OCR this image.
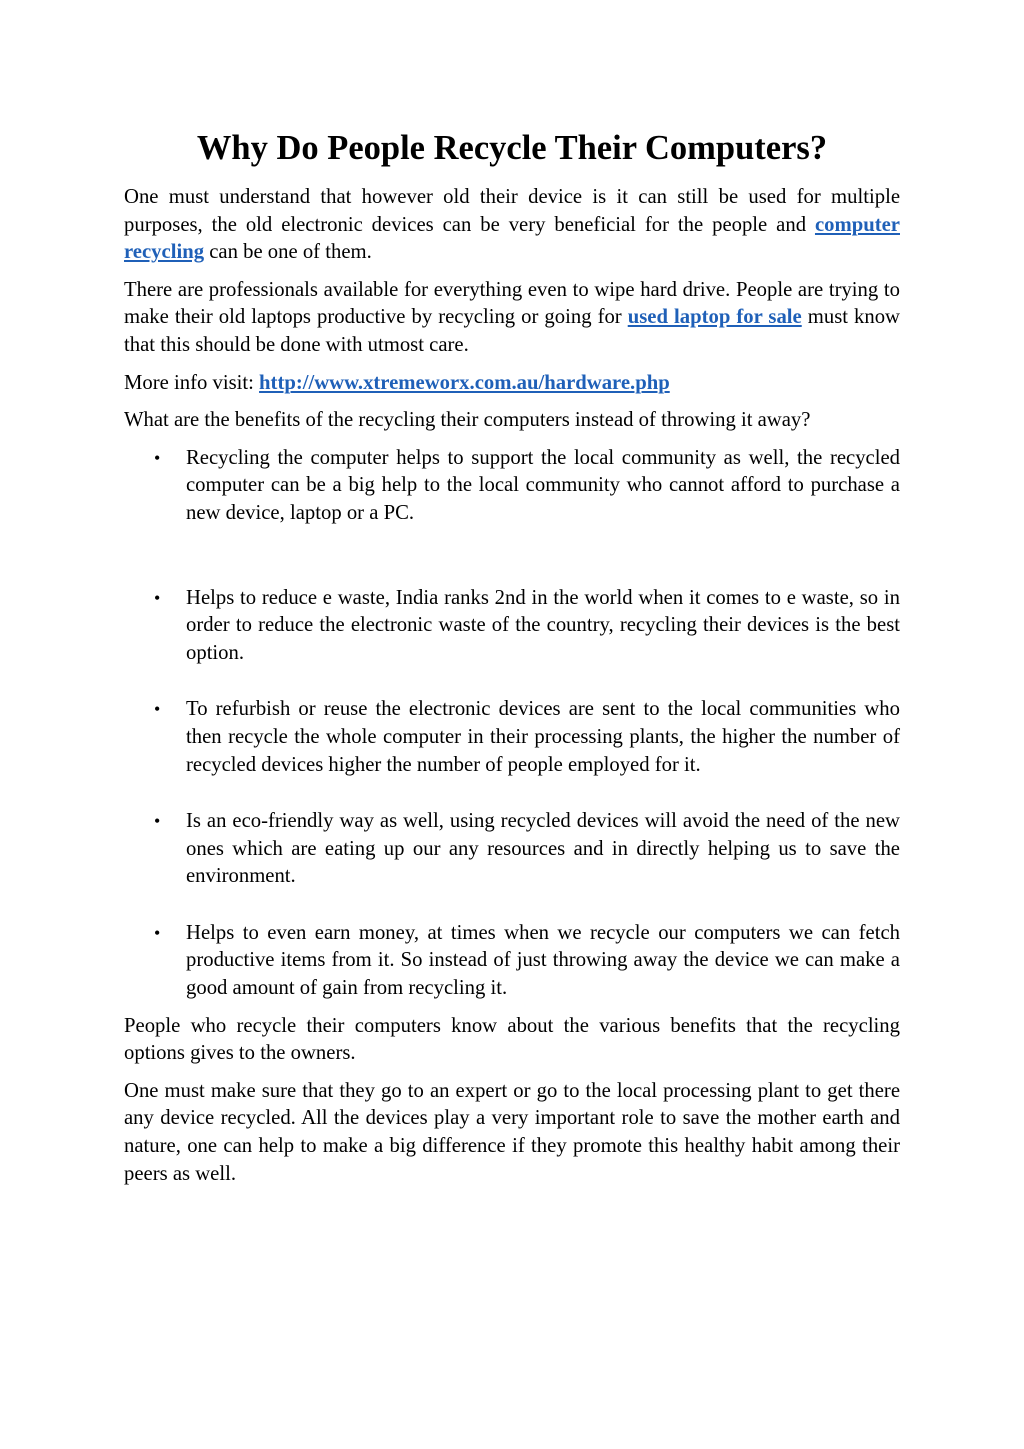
Why Do People Recycle Their Computers?

One must understand that however old their device is it can still be used for multiple purposes, the old electronic devices can be very beneficial for the people and computer recycling can be one of them.

There are professionals available for everything even to wipe hard drive. People are trying to make their old laptops productive by recycling or going for used laptop for sale must know that this should be done with utmost care.

More info visit: http://www.xtremeworx.com.au/hardware.php

What are the benefits of the recycling their computers instead of throwing it away?

• Recycling the computer helps to support the local community as well, the recycled computer can be a big help to the local community who cannot afford to purchase a new device, laptop or a PC.
• Helps to reduce e waste, India ranks 2nd in the world when it comes to e waste, so in order to reduce the electronic waste of the country, recycling their devices is the best option.
• To refurbish or reuse the electronic devices are sent to the local communities who then recycle the whole computer in their processing plants, the higher the number of recycled devices higher the number of people employed for it.
• Is an eco-friendly way as well, using recycled devices will avoid the need of the new ones which are eating up our any resources and in directly helping us to save the environment.
• Helps to even earn money, at times when we recycle our computers we can fetch productive items from it. So instead of just throwing away the device we can make a good amount of gain from recycling it.

People who recycle their computers know about the various benefits that the recycling options gives to the owners.

One must make sure that they go to an expert or go to the local processing plant to get there any device recycled. All the devices play a very important role to save the mother earth and nature, one can help to make a big difference if they promote this healthy habit among their peers as well.
